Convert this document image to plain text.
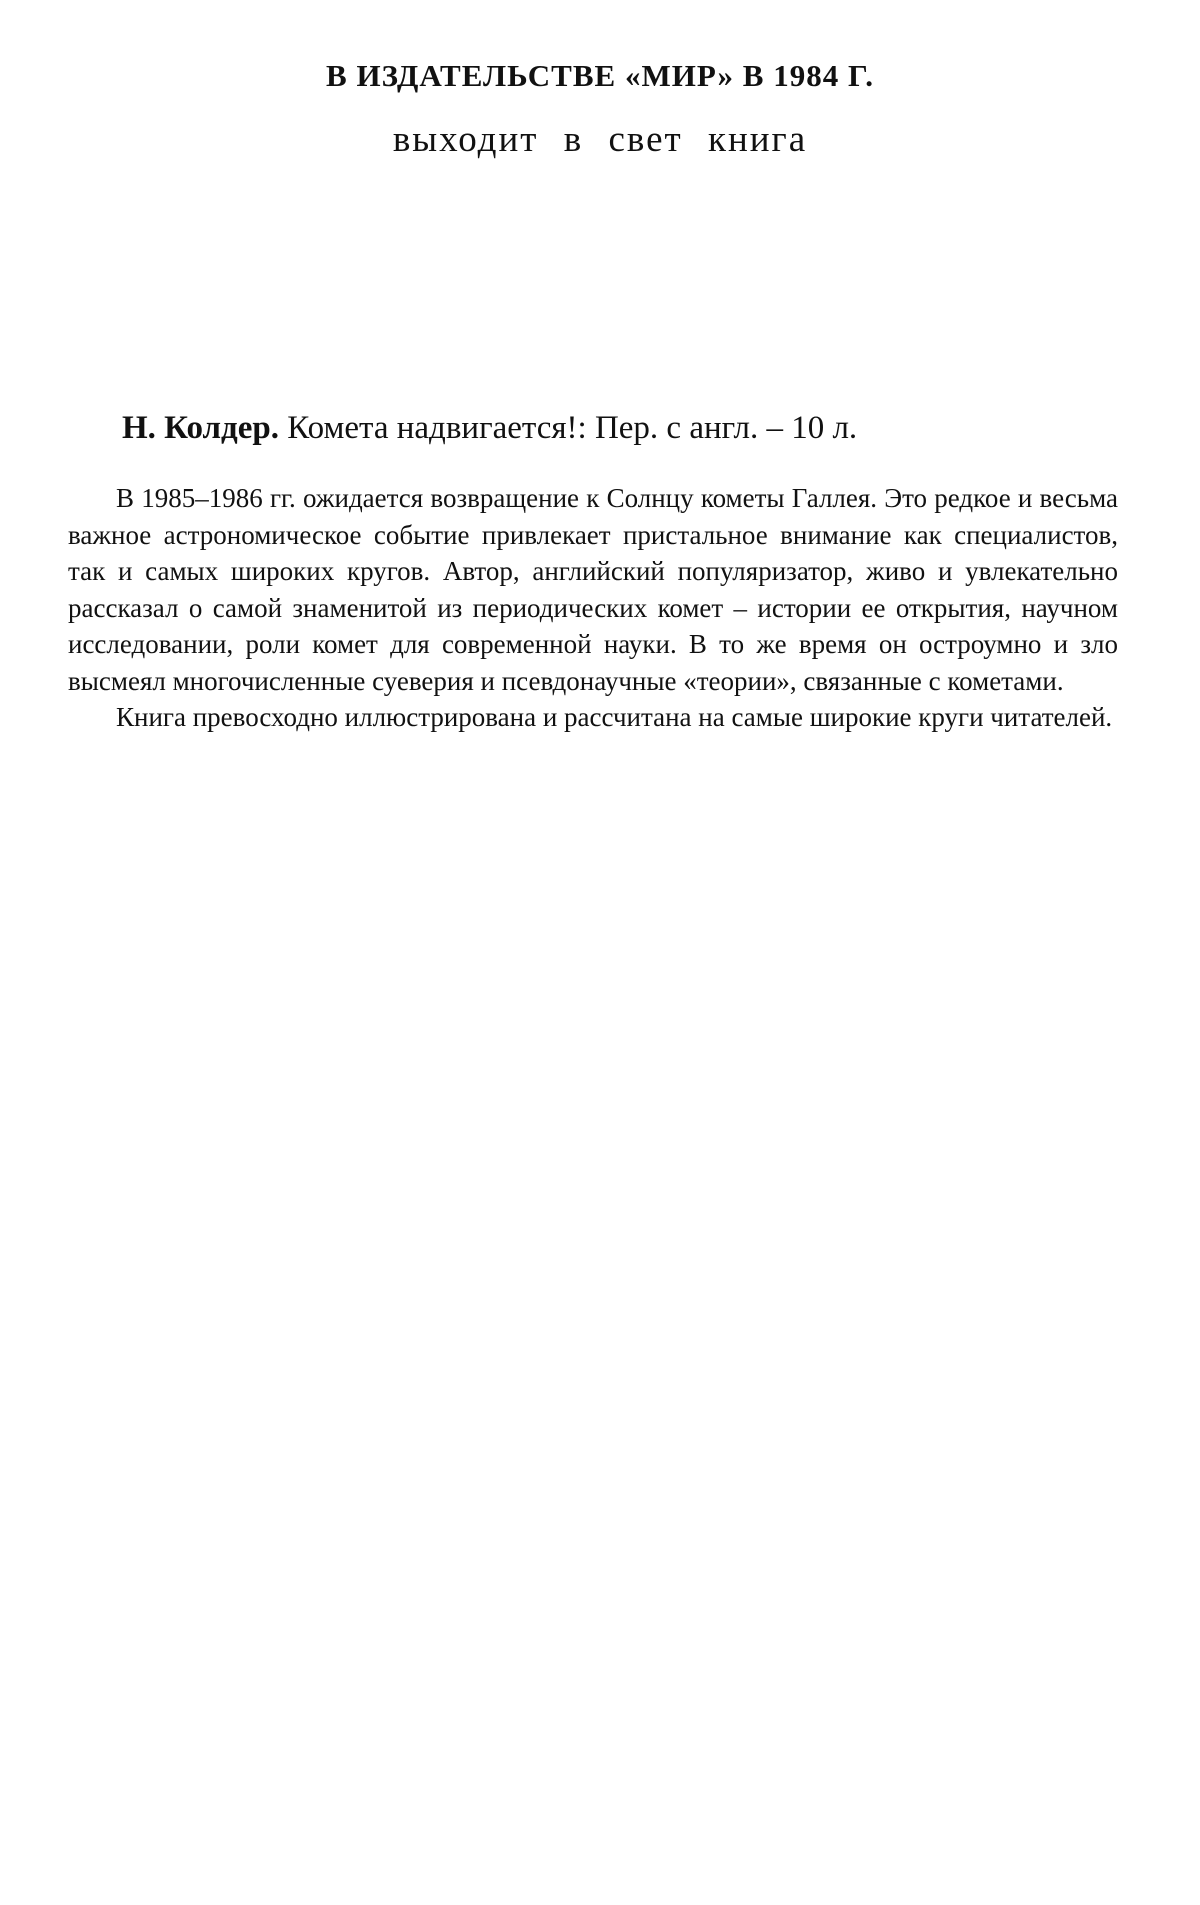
В ИЗДАТЕЛЬСТВЕ «МИР» В 1984 Г.
выходит в свет книга
Н. Колдер. Комета надвигается!: Пер. с англ. – 10 л.

В 1985–1986 гг. ожидается возвращение к Солнцу кометы Галлея. Это редкое и весьма важное астрономическое событие привлекает пристальное внимание как специалистов, так и самых широких кругов. Автор, английский популяризатор, живо и увлекательно рассказал о самой знаменитой из периодических комет – истории ее открытия, научном исследовании, роли комет для современной науки. В то же время он остроумно и зло высмеял многочисленные суеверия и псевдонаучные «теории», связанные с кометами.

Книга превосходно иллюстрирована и рассчитана на самые широкие круги читателей.
